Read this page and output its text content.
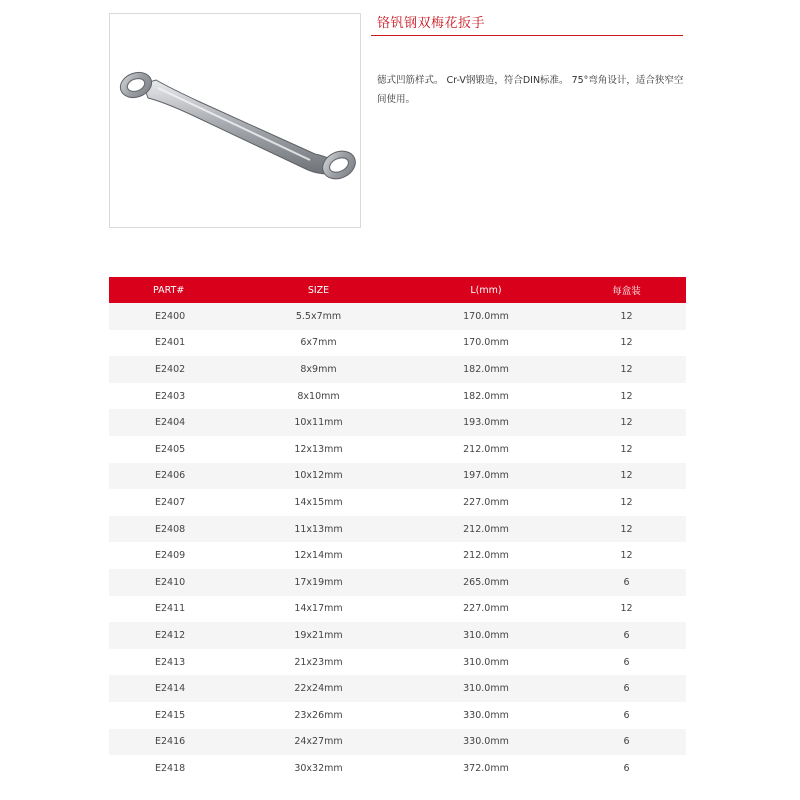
铬钒钢双梅花扳手
德式凹筋样式。 Cr-V钢锻造，符合DIN标准。 75°弯角设计，适合狭窄空间使用。
PART#	SIZE	L(mm)	每盒装
E2400	5.5x7mm	170.0mm	12
E2401	6x7mm	170.0mm	12
E2402	8x9mm	182.0mm	12
E2403	8x10mm	182.0mm	12
E2404	10x11mm	193.0mm	12
E2405	12x13mm	212.0mm	12
E2406	10x12mm	197.0mm	12
E2407	14x15mm	227.0mm	12
E2408	11x13mm	212.0mm	12
E2409	12x14mm	212.0mm	12
E2410	17x19mm	265.0mm	6
E2411	14x17mm	227.0mm	12
E2412	19x21mm	310.0mm	6
E2413	21x23mm	310.0mm	6
E2414	22x24mm	310.0mm	6
E2415	23x26mm	330.0mm	6
E2416	24x27mm	330.0mm	6
E2418	30x32mm	372.0mm	6
